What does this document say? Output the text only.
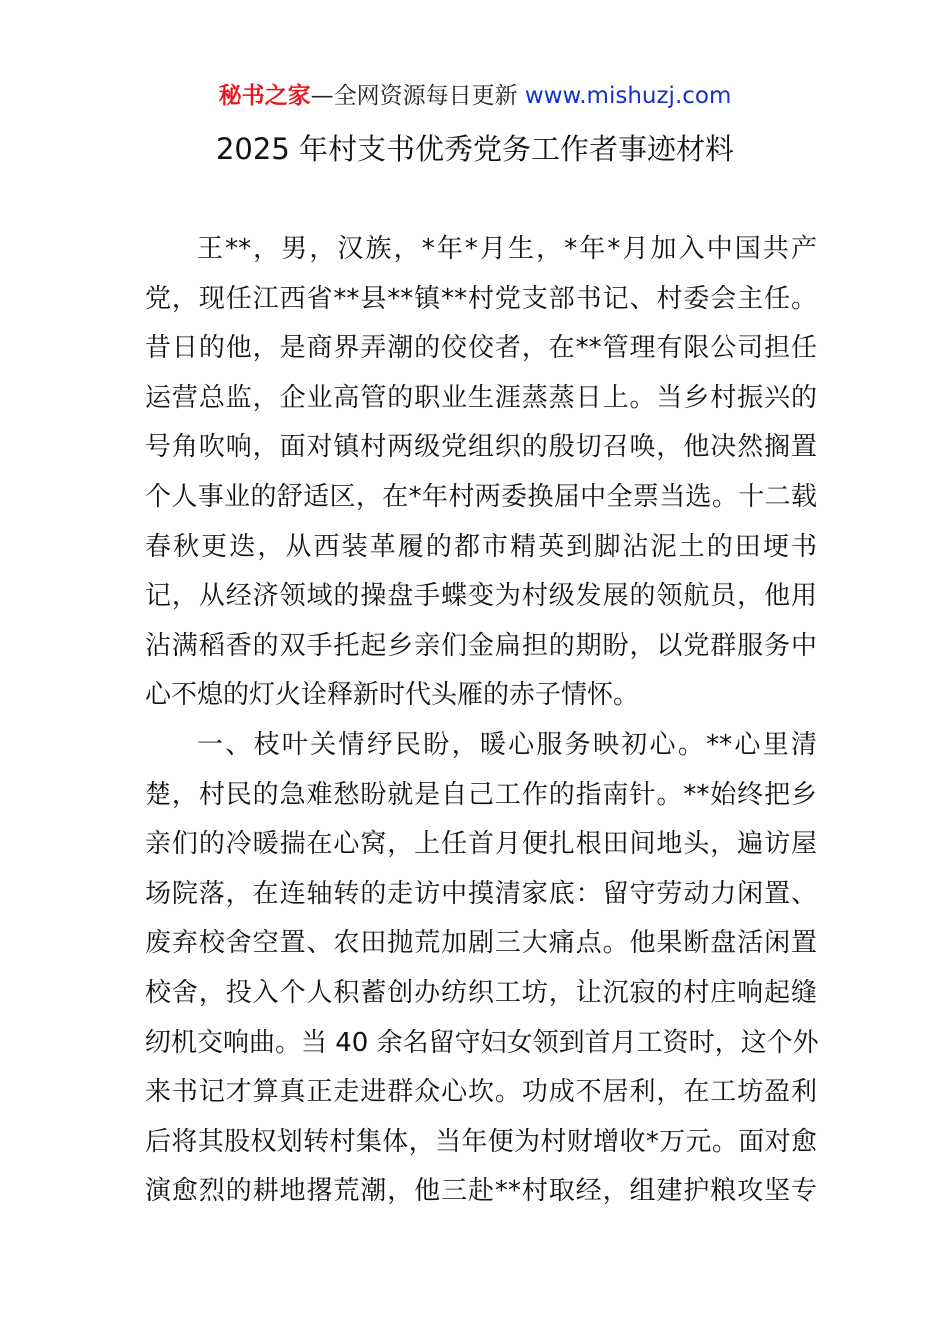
秘书之家—全网资源每日更新 www.mishuzj.com
2025 年村支书优秀党务工作者事迹材料
王**，男，汉族，*年*月生，*年*月加入中国共产
党，现任江西省**县**镇**村党支部书记、村委会主任。
昔日的他，是商界弄潮的佼佼者，在**管理有限公司担任
运营总监，企业高管的职业生涯蒸蒸日上。当乡村振兴的
号角吹响，面对镇村两级党组织的殷切召唤，他决然搁置
个人事业的舒适区，在*年村两委换届中全票当选。十二载
春秋更迭，从西装革履的都市精英到脚沾泥土的田埂书
记，从经济领域的操盘手蝶变为村级发展的领航员，他用
沾满稻香的双手托起乡亲们金扁担的期盼，以党群服务中
心不熄的灯火诠释新时代头雁的赤子情怀。
一、枝叶关情纾民盼，暖心服务映初心。**心里清
楚，村民的急难愁盼就是自己工作的指南针。**始终把乡
亲们的冷暖揣在心窝，上任首月便扎根田间地头，遍访屋
场院落，在连轴转的走访中摸清家底：留守劳动力闲置、
废弃校舍空置、农田抛荒加剧三大痛点。他果断盘活闲置
校舍，投入个人积蓄创办纺织工坊，让沉寂的村庄响起缝
纫机交响曲。当 40 余名留守妇女领到首月工资时，这个外
来书记才算真正走进群众心坎。功成不居利，在工坊盈利
后将其股权划转村集体，当年便为村财增收*万元。面对愈
演愈烈的耕地撂荒潮，他三赴**村取经，组建护粮攻坚专
